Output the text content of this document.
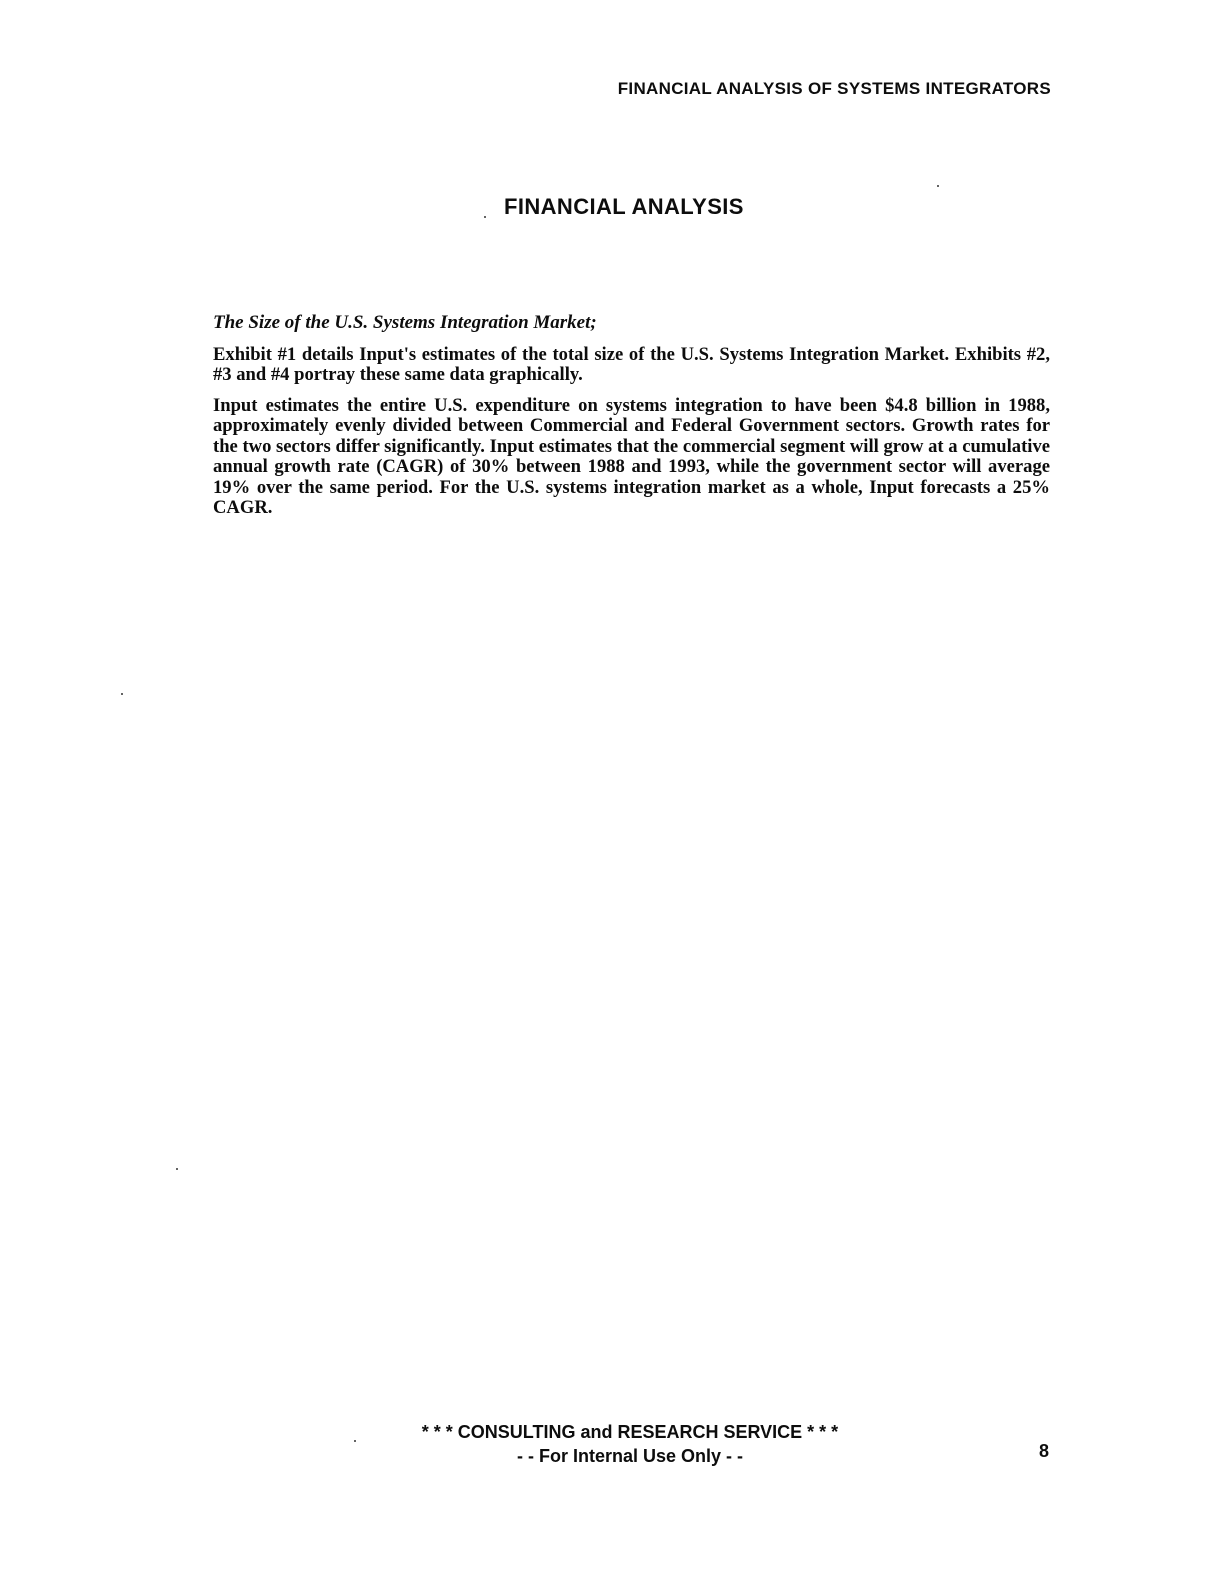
FINANCIAL ANALYSIS OF SYSTEMS INTEGRATORS
FINANCIAL ANALYSIS
The Size of the U.S. Systems Integration Market;

Exhibit #1 details Input's estimates of the total size of the U.S. Systems Integration Market. Exhibits #2, #3 and #4 portray these same data graphically.

Input estimates the entire U.S. expenditure on systems integration to have been $4.8 billion in 1988, approximately evenly divided between Commercial and Federal Government sectors. Growth rates for the two sectors differ significantly. Input estimates that the commercial segment will grow at a cumulative annual growth rate (CAGR) of 30% between 1988 and 1993, while the government sector will average 19% over the same period. For the U.S. systems integration market as a whole, Input forecasts a 25% CAGR.

* * * CONSULTING and RESEARCH SERVICE * * *
- - For Internal Use Only - -	8
